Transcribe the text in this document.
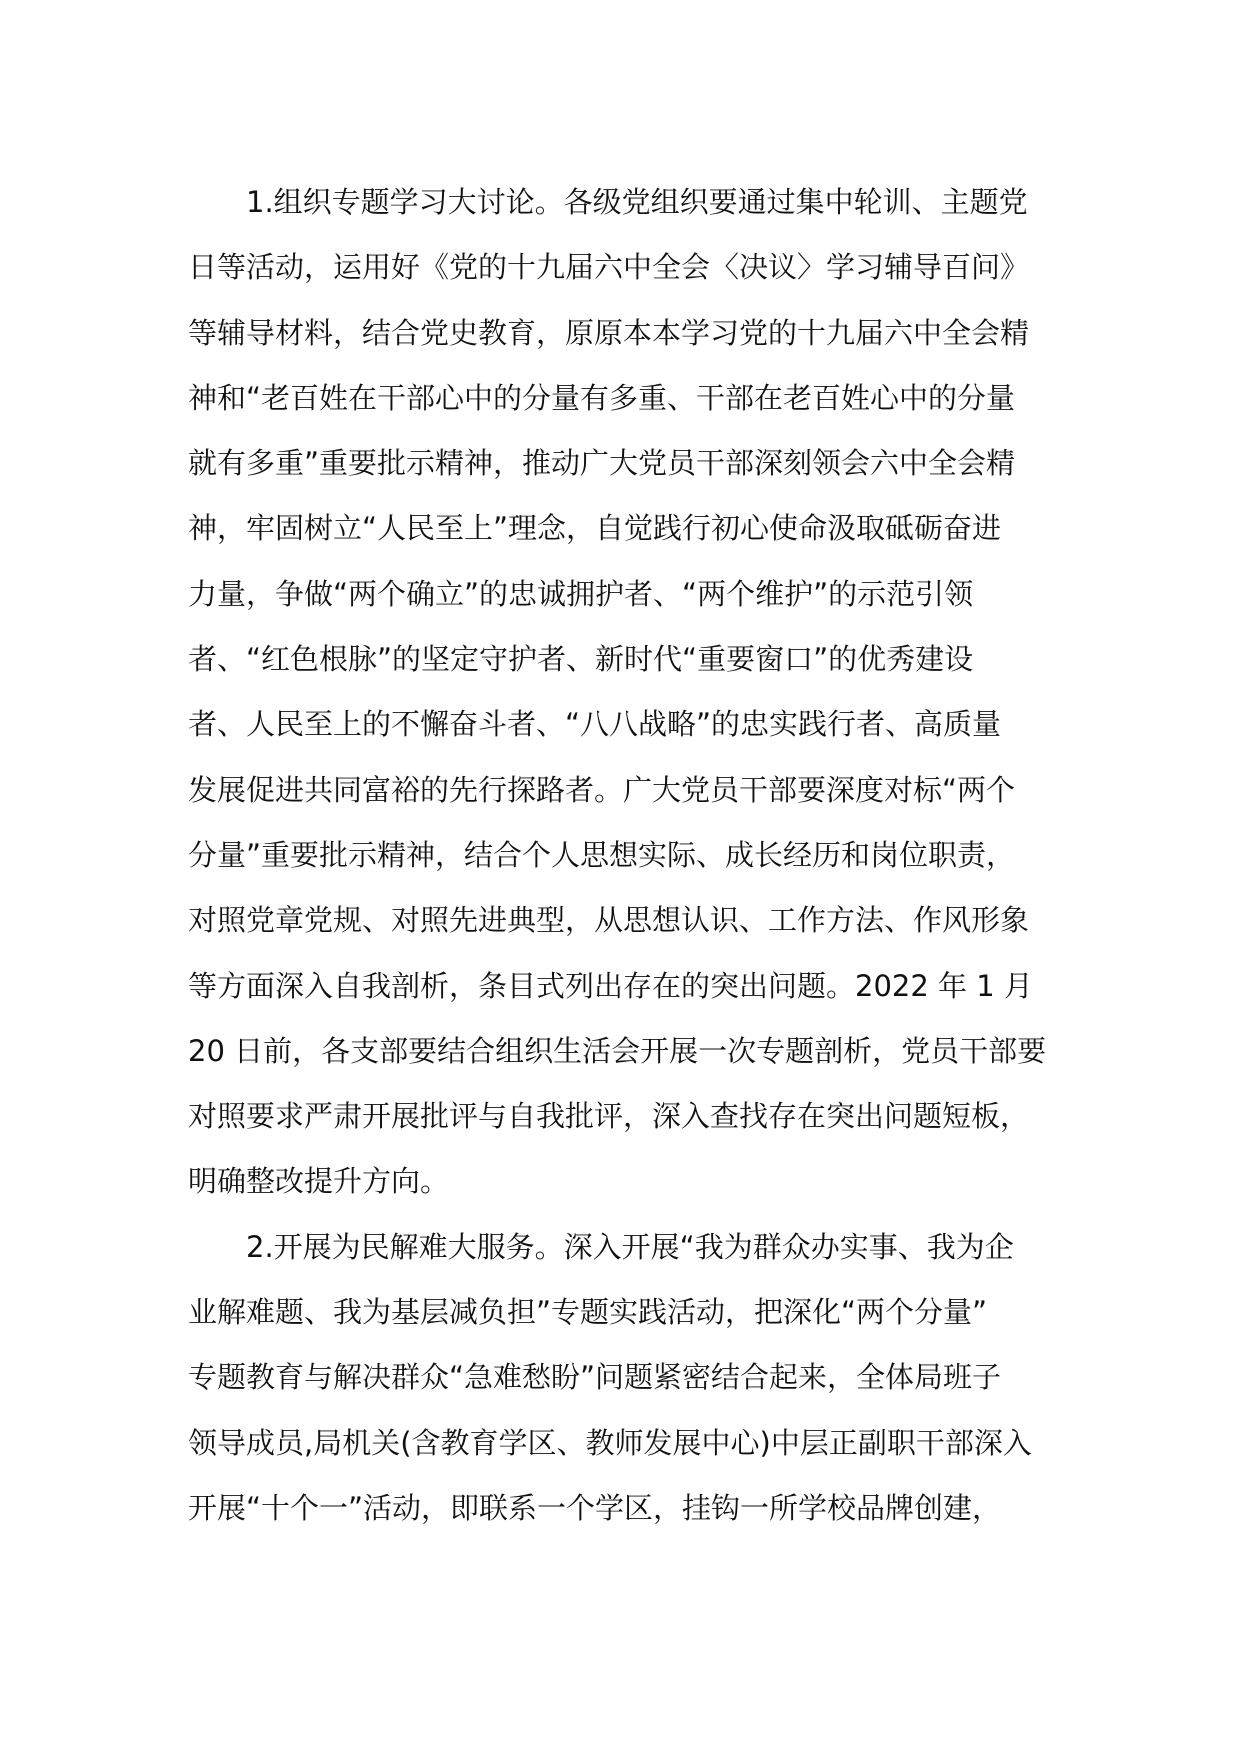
1.组织专题学习大讨论。各级党组织要通过集中轮训、主题党
日等活动，运用好《党的十九届六中全会〈决议〉学习辅导百问》
等辅导材料，结合党史教育，原原本本学习党的十九届六中全会精
神和“老百姓在干部心中的分量有多重、干部在老百姓心中的分量
就有多重”重要批示精神，推动广大党员干部深刻领会六中全会精
神，牢固树立“人民至上”理念，自觉践行初心使命汲取砥砺奋进
力量，争做“两个确立”的忠诚拥护者、“两个维护”的示范引领
者、“红色根脉”的坚定守护者、新时代“重要窗口”的优秀建设
者、人民至上的不懈奋斗者、“八八战略”的忠实践行者、高质量
发展促进共同富裕的先行探路者。广大党员干部要深度对标“两个
分量”重要批示精神，结合个人思想实际、成长经历和岗位职责，
对照党章党规、对照先进典型，从思想认识、工作方法、作风形象
等方面深入自我剖析，条目式列出存在的突出问题。2022 年 1 月
20 日前，各支部要结合组织生活会开展一次专题剖析，党员干部要
对照要求严肃开展批评与自我批评，深入查找存在突出问题短板，
明确整改提升方向。
2.开展为民解难大服务。深入开展“我为群众办实事、我为企
业解难题、我为基层减负担”专题实践活动，把深化“两个分量”
专题教育与解决群众“急难愁盼”问题紧密结合起来，全体局班子
领导成员,局机关(含教育学区、教师发展中心)中层正副职干部深入
开展“十个一”活动，即联系一个学区，挂钩一所学校品牌创建，
